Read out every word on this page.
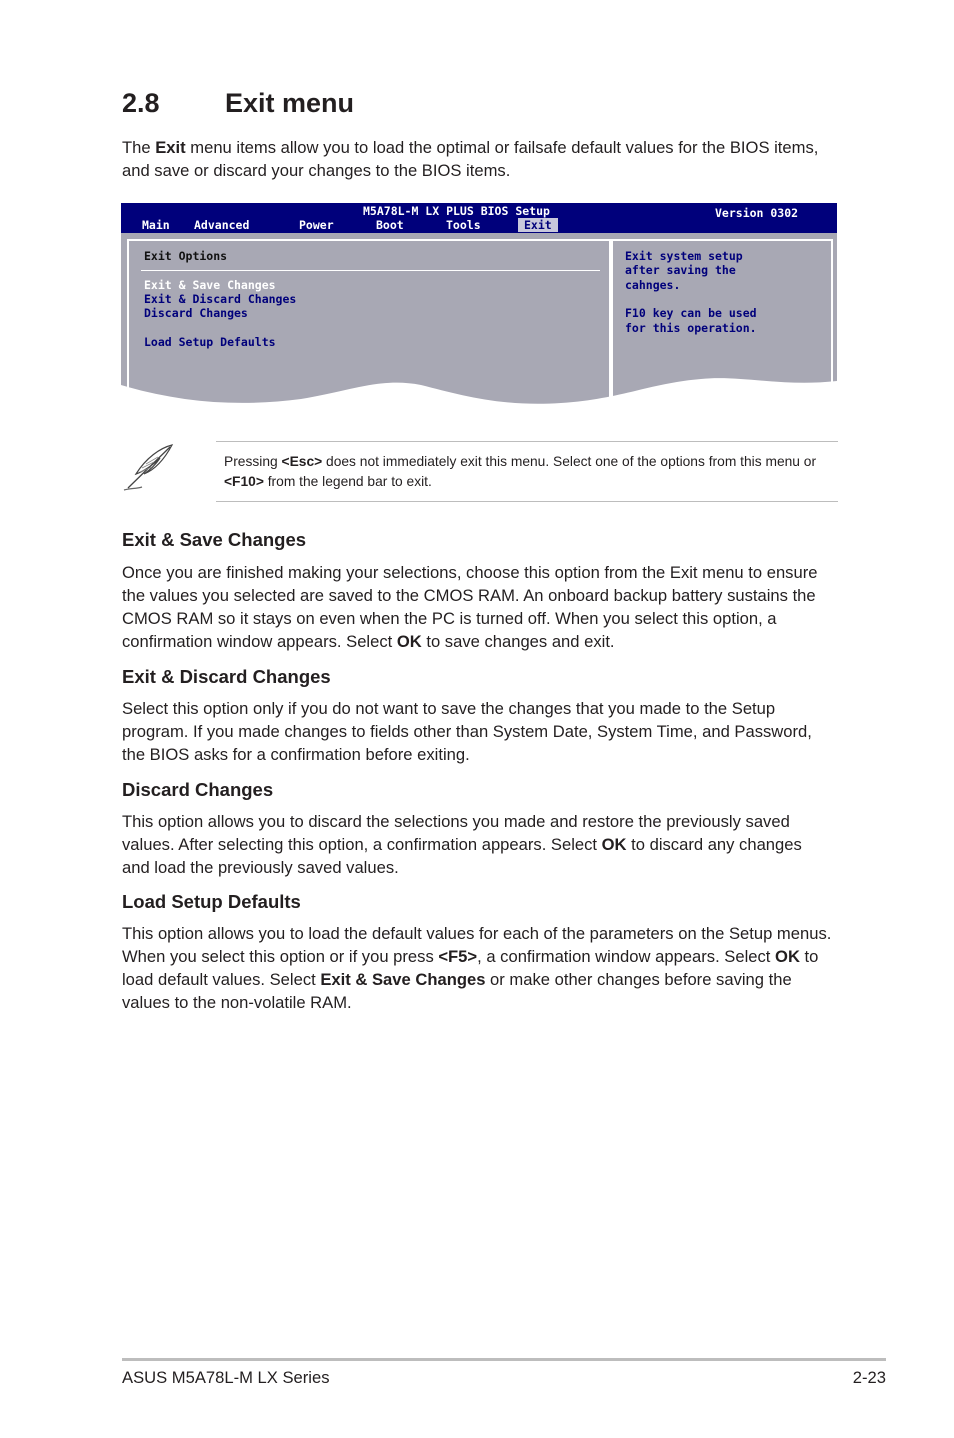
2.8 Exit menu

The Exit menu items allow you to load the optimal or failsafe default values for the BIOS items, and save or discard your changes to the BIOS items.

M5A78L-M LX PLUS BIOS Setup	Version 0302
Main Advanced	Power	Boot	Tools	Exit
Exit Options
Exit & Save Changes
Exit & Discard Changes
Discard Changes
Load Setup Defaults
Exit system setup
after saving the
cahnges.
F10 key can be used
for this operation.

Pressing <Esc> does not immediately exit this menu. Select one of the options from this menu or <F10> from the legend bar to exit.

Exit & Save Changes

Once you are finished making your selections, choose this option from the Exit menu to ensure the values you selected are saved to the CMOS RAM. An onboard backup battery sustains the CMOS RAM so it stays on even when the PC is turned off. When you select this option, a confirmation window appears. Select OK to save changes and exit.

Exit & Discard Changes

Select this option only if you do not want to save the changes that you made to the Setup program. If you made changes to fields other than System Date, System Time, and Password, the BIOS asks for a confirmation before exiting.

Discard Changes

This option allows you to discard the selections you made and restore the previously saved values. After selecting this option, a confirmation appears. Select OK to discard any changes and load the previously saved values.

Load Setup Defaults

This option allows you to load the default values for each of the parameters on the Setup menus. When you select this option or if you press <F5>, a confirmation window appears. Select OK to load default values. Select Exit & Save Changes or make other changes before saving the values to the non-volatile RAM.

ASUS M5A78L-M LX Series	2-23
